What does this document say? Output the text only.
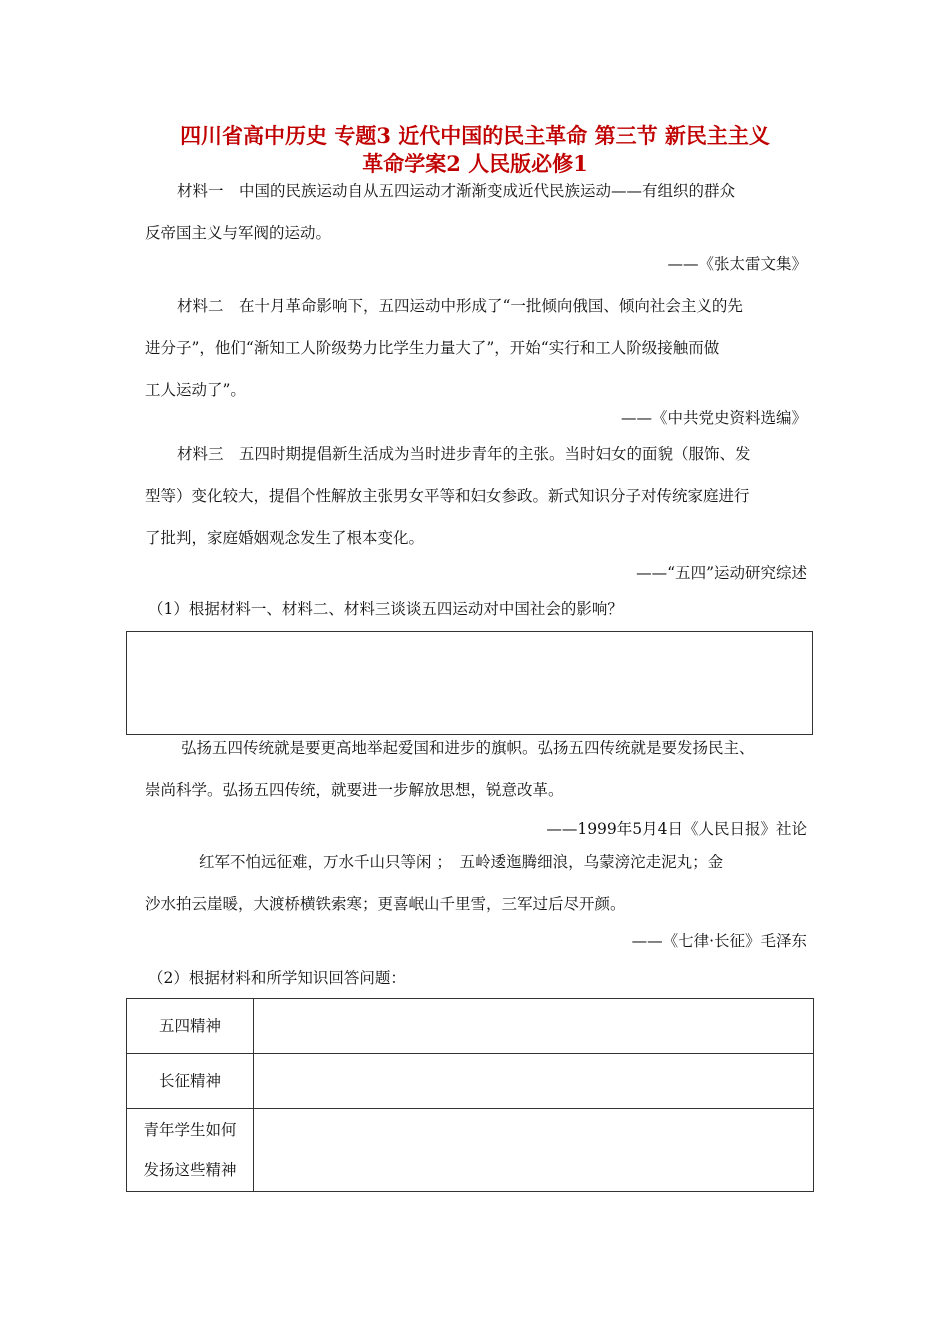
四川省高中历史 专题3 近代中国的民主革命 第三节 新民主主义
革命学案2 人民版必修1

材料一　中国的民族运动自从五四运动才渐渐变成近代民族运动——有组织的群众
反帝国主义与军阀的运动。

——《张太雷文集》

材料二　在十月革命影响下，五四运动中形成了“一批倾向俄国、倾向社会主义的先
进分子”，他们“渐知工人阶级势力比学生力量大了”，开始“实行和工人阶级接触而做
工人运动了”。

——《中共党史资料选编》

材料三　五四时期提倡新生活成为当时进步青年的主张。当时妇女的面貌（服饰、发
型等）变化较大，提倡个性解放主张男女平等和妇女参政。新式知识分子对传统家庭进行
了批判，家庭婚姻观念发生了根本变化。

——“五四”运动研究综述

（1）根据材料一、材料二、材料三谈谈五四运动对中国社会的影响？

弘扬五四传统就是要更高地举起爱国和进步的旗帜。弘扬五四传统就是要发扬民主、
崇尚科学。弘扬五四传统，就要进一步解放思想，锐意改革。

——1999年5月4日《人民日报》社论

红军不怕远征难，万水千山只等闲 ；　五岭逶迤腾细浪，乌蒙滂沱走泥丸；金
沙水拍云崖暖，大渡桥横铁索寒；更喜岷山千里雪，三军过后尽开颜。

——《七律·长征》毛泽东

（2）根据材料和所学知识回答问题：

五四精神	
长征精神	
青年学生如何
发扬这些精神	
